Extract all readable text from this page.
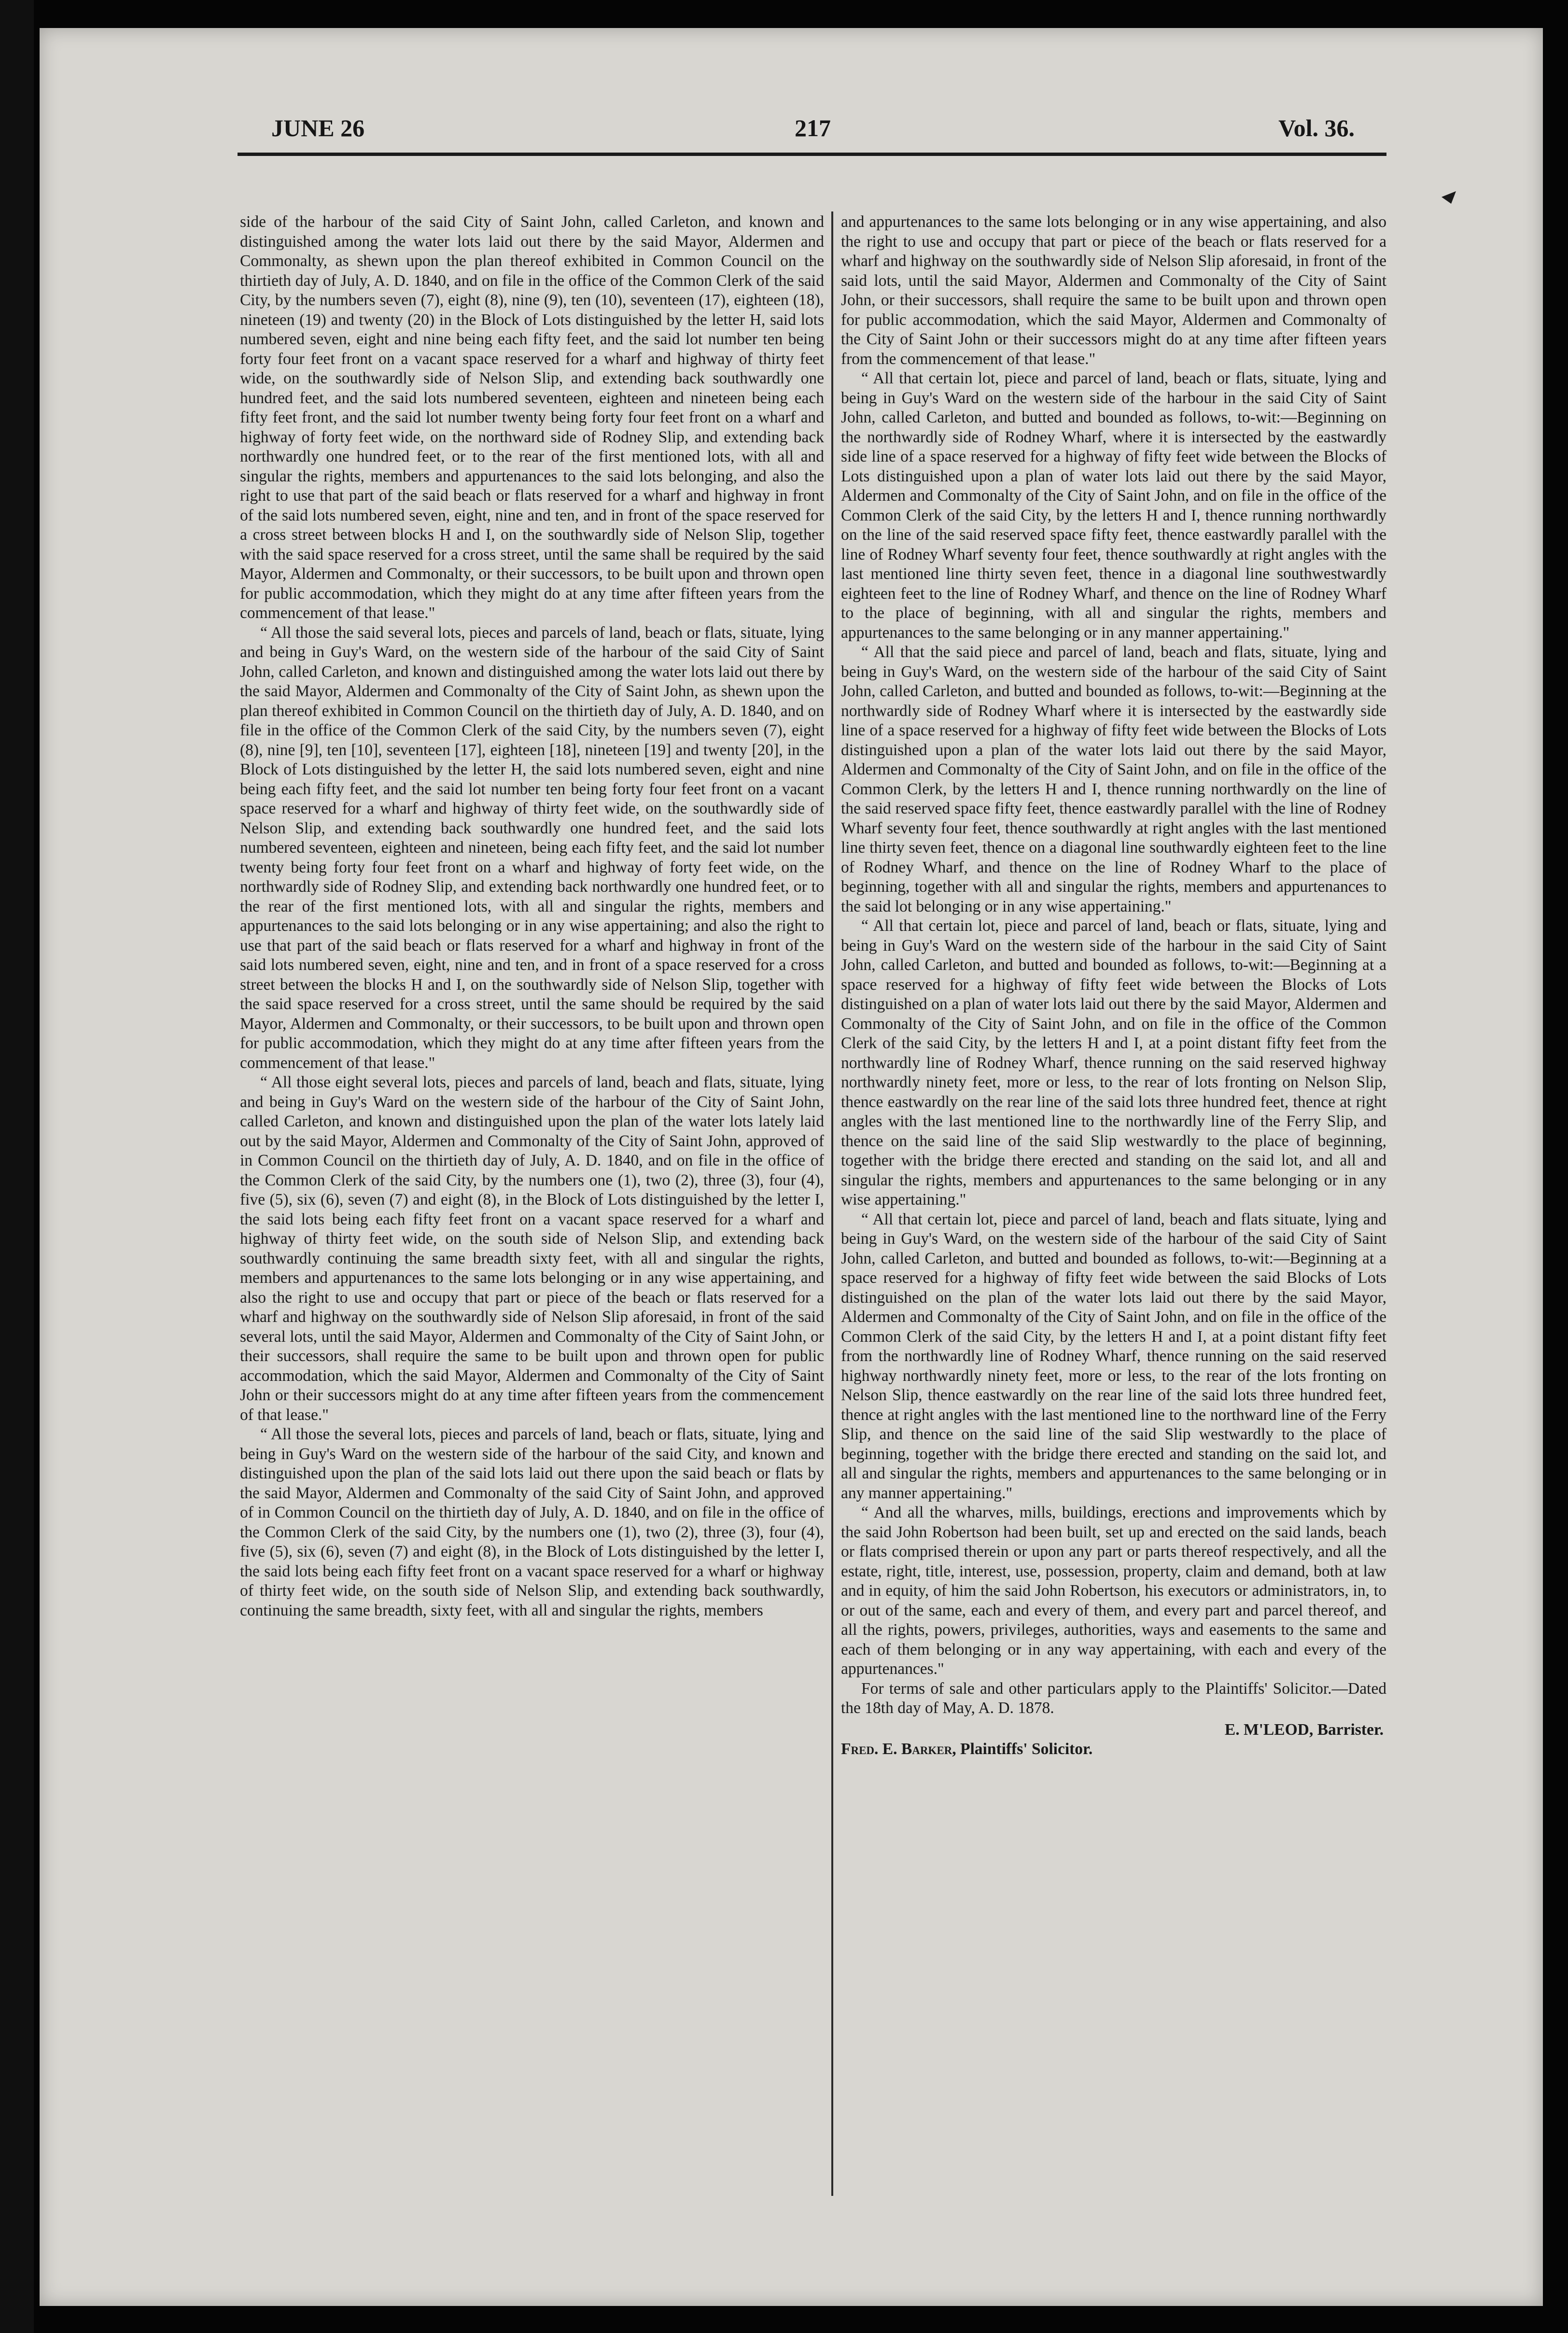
JUNE 26	217	Vol. 36.

side of the harbour of the said City of Saint John, called Carleton, and known and distinguished among the water lots laid out there by the said Mayor, Aldermen and Commonalty, as shewn upon the plan thereof exhibited in Common Council on the thirtieth day of July, A. D. 1840, and on file in the office of the Common Clerk of the said City, by the numbers seven (7), eight (8), nine (9), ten (10), seventeen (17), eighteen (18), nineteen (19) and twenty (20) in the Block of Lots distinguished by the letter H, said lots numbered seven, eight and nine being each fifty feet, and the said lot number ten being forty four feet front on a vacant space reserved for a wharf and highway of thirty feet wide, on the southwardly side of Nelson Slip, and extending back southwardly one hundred feet, and the said lots numbered seventeen, eighteen and nineteen being each fifty feet front, and the said lot number twenty being forty four feet front on a wharf and highway of forty feet wide, on the northward side of Rodney Slip, and extending back northwardly one hundred feet, or to the rear of the first mentioned lots, with all and singular the rights, members and appurtenances to the said lots belonging, and also the right to use that part of the said beach or flats reserved for a wharf and highway in front of the said lots numbered seven, eight, nine and ten, and in front of the space reserved for a cross street between blocks H and I, on the southwardly side of Nelson Slip, together with the said space reserved for a cross street, until the same shall be required by the said Mayor, Aldermen and Commonalty, or their successors, to be built upon and thrown open for public accommodation, which they might do at any time after fifteen years from the commencement of that lease."

“ All those the said several lots, pieces and parcels of land, beach or flats, situate, lying and being in Guy's Ward, on the western side of the harbour of the said City of Saint John, called Carleton, and known and distinguished among the water lots laid out there by the said Mayor, Aldermen and Commonalty of the City of Saint John, as shewn upon the plan thereof exhibited in Common Council on the thirtieth day of July, A. D. 1840, and on file in the office of the Common Clerk of the said City, by the numbers seven (7), eight (8), nine [9], ten [10], seventeen [17], eighteen [18], nineteen [19] and twenty [20], in the Block of Lots distinguished by the letter H, the said lots numbered seven, eight and nine being each fifty feet, and the said lot number ten being forty four feet front on a vacant space reserved for a wharf and highway of thirty feet wide, on the southwardly side of Nelson Slip, and extending back southwardly one hundred feet, and the said lots numbered seventeen, eighteen and nineteen, being each fifty feet, and the said lot number twenty being forty four feet front on a wharf and highway of forty feet wide, on the northwardly side of Rodney Slip, and extending back northwardly one hundred feet, or to the rear of the first mentioned lots, with all and singular the rights, members and appurtenances to the said lots belonging or in any wise appertaining; and also the right to use that part of the said beach or flats reserved for a wharf and highway in front of the said lots numbered seven, eight, nine and ten, and in front of a space reserved for a cross street between the blocks H and I, on the southwardly side of Nelson Slip, together with the said space reserved for a cross street, until the same should be required by the said Mayor, Aldermen and Commonalty, or their successors, to be built upon and thrown open for public accommodation, which they might do at any time after fifteen years from the commencement of that lease."

“ All those eight several lots, pieces and parcels of land, beach and flats, situate, lying and being in Guy's Ward on the western side of the harbour of the City of Saint John, called Carleton, and known and distinguished upon the plan of the water lots lately laid out by the said Mayor, Aldermen and Commonalty of the City of Saint John, approved of in Common Council on the thirtieth day of July, A. D. 1840, and on file in the office of the Common Clerk of the said City, by the numbers one (1), two (2), three (3), four (4), five (5), six (6), seven (7) and eight (8), in the Block of Lots distinguished by the letter I, the said lots being each fifty feet front on a vacant space reserved for a wharf and highway of thirty feet wide, on the south side of Nelson Slip, and extending back southwardly continuing the same breadth sixty feet, with all and singular the rights, members and appurtenances to the same lots belonging or in any wise appertaining, and also the right to use and occupy that part or piece of the beach or flats reserved for a wharf and highway on the southwardly side of Nelson Slip aforesaid, in front of the said several lots, until the said Mayor, Aldermen and Commonalty of the City of Saint John, or their successors, shall require the same to be built upon and thrown open for public accommodation, which the said Mayor, Aldermen and Commonalty of the City of Saint John or their successors might do at any time after fifteen years from the commencement of that lease."

“ All those the several lots, pieces and parcels of land, beach or flats, situate, lying and being in Guy's Ward on the western side of the harbour of the said City, and known and distinguished upon the plan of the said lots laid out there upon the said beach or flats by the said Mayor, Aldermen and Commonalty of the said City of Saint John, and approved of in Common Council on the thirtieth day of July, A. D. 1840, and on file in the office of the Common Clerk of the said City, by the numbers one (1), two (2), three (3), four (4), five (5), six (6), seven (7) and eight (8), in the Block of Lots distinguished by the letter I, the said lots being each fifty feet front on a vacant space reserved for a wharf or highway of thirty feet wide, on the south side of Nelson Slip, and extending back southwardly, continuing the same breadth, sixty feet, with all and singular the rights, members

and appurtenances to the same lots belonging or in any wise appertaining, and also the right to use and occupy that part or piece of the beach or flats reserved for a wharf and highway on the southwardly side of Nelson Slip aforesaid, in front of the said lots, until the said Mayor, Aldermen and Commonalty of the City of Saint John, or their successors, shall require the same to be built upon and thrown open for public accommodation, which the said Mayor, Aldermen and Commonalty of the City of Saint John or their successors might do at any time after fifteen years from the commencement of that lease."

“ All that certain lot, piece and parcel of land, beach or flats, situate, lying and being in Guy's Ward on the western side of the harbour in the said City of Saint John, called Carleton, and butted and bounded as follows, to-wit:—Beginning on the northwardly side of Rodney Wharf, where it is intersected by the eastwardly side line of a space reserved for a highway of fifty feet wide between the Blocks of Lots distinguished upon a plan of water lots laid out there by the said Mayor, Aldermen and Commonalty of the City of Saint John, and on file in the office of the Common Clerk of the said City, by the letters H and I, thence running northwardly on the line of the said reserved space fifty feet, thence eastwardly parallel with the line of Rodney Wharf seventy four feet, thence southwardly at right angles with the last mentioned line thirty seven feet, thence in a diagonal line southwestwardly eighteen feet to the line of Rodney Wharf, and thence on the line of Rodney Wharf to the place of beginning, with all and singular the rights, members and appurtenances to the same belonging or in any manner appertaining."

“ All that the said piece and parcel of land, beach and flats, situate, lying and being in Guy's Ward, on the western side of the harbour of the said City of Saint John, called Carleton, and butted and bounded as follows, to-wit:—Beginning at the northwardly side of Rodney Wharf where it is intersected by the eastwardly side line of a space reserved for a highway of fifty feet wide between the Blocks of Lots distinguished upon a plan of the water lots laid out there by the said Mayor, Aldermen and Commonalty of the City of Saint John, and on file in the office of the Common Clerk, by the letters H and I, thence running northwardly on the line of the said reserved space fifty feet, thence eastwardly parallel with the line of Rodney Wharf seventy four feet, thence southwardly at right angles with the last mentioned line thirty seven feet, thence on a diagonal line southwardly eighteen feet to the line of Rodney Wharf, and thence on the line of Rodney Wharf to the place of beginning, together with all and singular the rights, members and appurtenances to the said lot belonging or in any wise appertaining."

“ All that certain lot, piece and parcel of land, beach or flats, situate, lying and being in Guy's Ward on the western side of the harbour in the said City of Saint John, called Carleton, and butted and bounded as follows, to-wit:—Beginning at a space reserved for a highway of fifty feet wide between the Blocks of Lots distinguished on a plan of water lots laid out there by the said Mayor, Aldermen and Commonalty of the City of Saint John, and on file in the office of the Common Clerk of the said City, by the letters H and I, at a point distant fifty feet from the northwardly line of Rodney Wharf, thence running on the said reserved highway northwardly ninety feet, more or less, to the rear of lots fronting on Nelson Slip, thence eastwardly on the rear line of the said lots three hundred feet, thence at right angles with the last mentioned line to the northwardly line of the Ferry Slip, and thence on the said line of the said Slip westwardly to the place of beginning, together with the bridge there erected and standing on the said lot, and all and singular the rights, members and appurtenances to the same belonging or in any wise appertaining."

“ All that certain lot, piece and parcel of land, beach and flats situate, lying and being in Guy's Ward, on the western side of the harbour of the said City of Saint John, called Carleton, and butted and bounded as follows, to-wit:—Beginning at a space reserved for a highway of fifty feet wide between the said Blocks of Lots distinguished on the plan of the water lots laid out there by the said Mayor, Aldermen and Commonalty of the City of Saint John, and on file in the office of the Common Clerk of the said City, by the letters H and I, at a point distant fifty feet from the northwardly line of Rodney Wharf, thence running on the said reserved highway northwardly ninety feet, more or less, to the rear of the lots fronting on Nelson Slip, thence eastwardly on the rear line of the said lots three hundred feet, thence at right angles with the last mentioned line to the northward line of the Ferry Slip, and thence on the said line of the said Slip westwardly to the place of beginning, together with the bridge there erected and standing on the said lot, and all and singular the rights, members and appurtenances to the same belonging or in any manner appertaining."

“ And all the wharves, mills, buildings, erections and improvements which by the said John Robertson had been built, set up and erected on the said lands, beach or flats comprised therein or upon any part or parts thereof respectively, and all the estate, right, title, interest, use, possession, property, claim and demand, both at law and in equity, of him the said John Robertson, his executors or administrators, in, to or out of the same, each and every of them, and every part and parcel thereof, and all the rights, powers, privileges, authorities, ways and easements to the same and each of them belonging or in any way appertaining, with each and every of the appurtenances."

For terms of sale and other particulars apply to the Plaintiffs' Solicitor.—Dated the 18th day of May, A. D. 1878.

E. M'LEOD, Barrister.

Fred. E. Barker, Plaintiffs' Solicitor.
